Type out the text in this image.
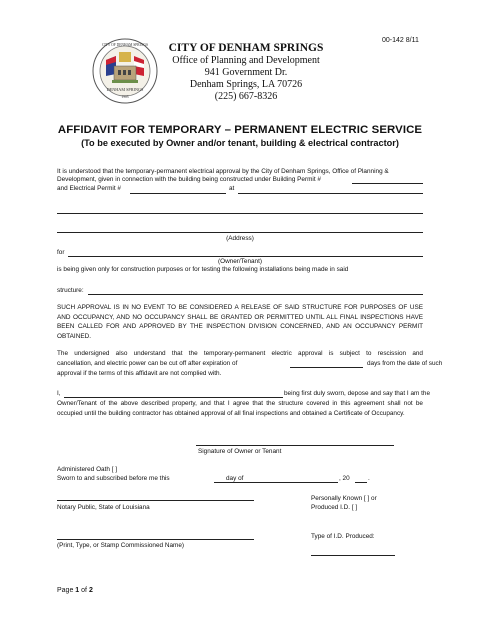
00-142 8/11
DENHAM SPRINGS
1903
CITY OF DENHAM SPRINGS	CITY OF DENHAM SPRINGS
Office of Planning and Development
941 Government Dr.
Denham Springs, LA 70726
(225) 667-8326
AFFIDAVIT FOR TEMPORARY – PERMANENT ELECTRIC SERVICE
(To be executed by Owner and/or tenant, building & electrical contractor)
It is understood that the temporary-permanent electrical approval by the City of Denham Springs, Office of Planning &
Development, given in connection with the building being constructed under Building Permit #
and Electrical Permit #	at
(Address)
for
(Owner/Tenant)
is being given only for construction purposes or for testing the following installations being made in said
structure:
SUCH APPROVAL IS IN NO EVENT TO BE CONSIDERED A RELEASE OF SAID STRUCTURE FOR PURPOSES OF USE AND OCCUPANCY, AND NO OCCUPANCY SHALL BE GRANTED OR PERMITTED UNTIL ALL FINAL INSPECTIONS HAVE BEEN CALLED FOR AND APPROVED BY THE INSPECTION DIVISION CONCERNED, AND AN OCCUPANCY PERMIT OBTAINED.
The undersigned also understand that the temporary-permanent electric approval is subject to rescission and
cancellation, and electric power can be cut off after expiration of	days from the date of such
approval if the terms of this affidavit are not complied with.
I,	being first duly sworn, depose and say that I am the
Owner/Tenant of the above described property, and that I agree that the structure covered in this agreement shall not be occupied until the building contractor has obtained approval of all final inspections and obtained a Certificate of Occupancy.
Signature of Owner or Tenant
Administered Oath [ ]
Sworn to and subscribed before me this	day of	, 20	.
Notary Public, State of Louisiana
Personally Known [ ] or
Produced I.D. [ ]
(Print, Type, or Stamp Commissioned Name)
Type of I.D. Produced:
Page 1 of 2
